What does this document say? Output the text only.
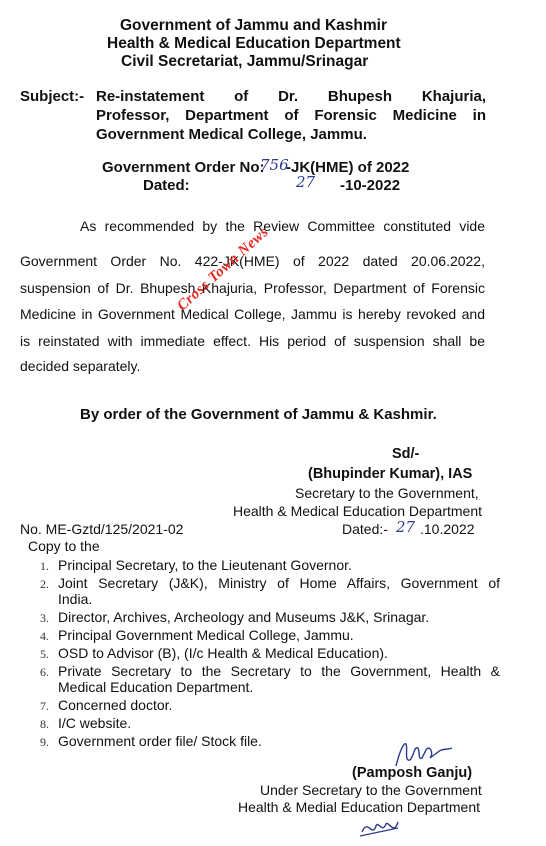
Government of Jammu and Kashmir
Health & Medical Education Department
Civil Secretariat, Jammu/Srinagar
Subject:- Re-instatement of Dr. Bhupesh Khajuria,
Professor, Department of Forensic Medicine in
Government Medical College, Jammu.
Government Order No:
756
-JK(HME) of 2022
Dated:	27 -10-2022
As recommended by the Review Committee constituted vide
Government Order No. 422-JK(HME) of 2022 dated 20.06.2022,
suspension of Dr. Bhupesh Khajuria, Professor, Department of Forensic
Medicine in Government Medical College, Jammu is hereby revoked and
is reinstated with immediate effect. His period of suspension shall be
decided separately.
Cross Town News
By order of the Government of Jammu & Kashmir.
Sd/-
(Bhupinder Kumar), IAS
Secretary to the Government,
Health & Medical Education Department
No. ME-Gztd/125/2021-02	Dated:- 27 .10.2022
Copy to the
1. Principal Secretary, to the Lieutenant Governor.
2. Joint Secretary (J&K), Ministry of Home Affairs, Government of
India.
3. Director, Archives, Archeology and Museums J&K, Srinagar.
4. Principal Government Medical College, Jammu.
5. OSD to Advisor (B), (I/c Health & Medical Education).
6. Private Secretary to the Secretary to the Government, Health &
Medical Education Department.
7. Concerned doctor.
8. I/C website.
9. Government order file/ Stock file.
(Pamposh Ganju)
Under Secretary to the Government
Health & Medial Education Department
